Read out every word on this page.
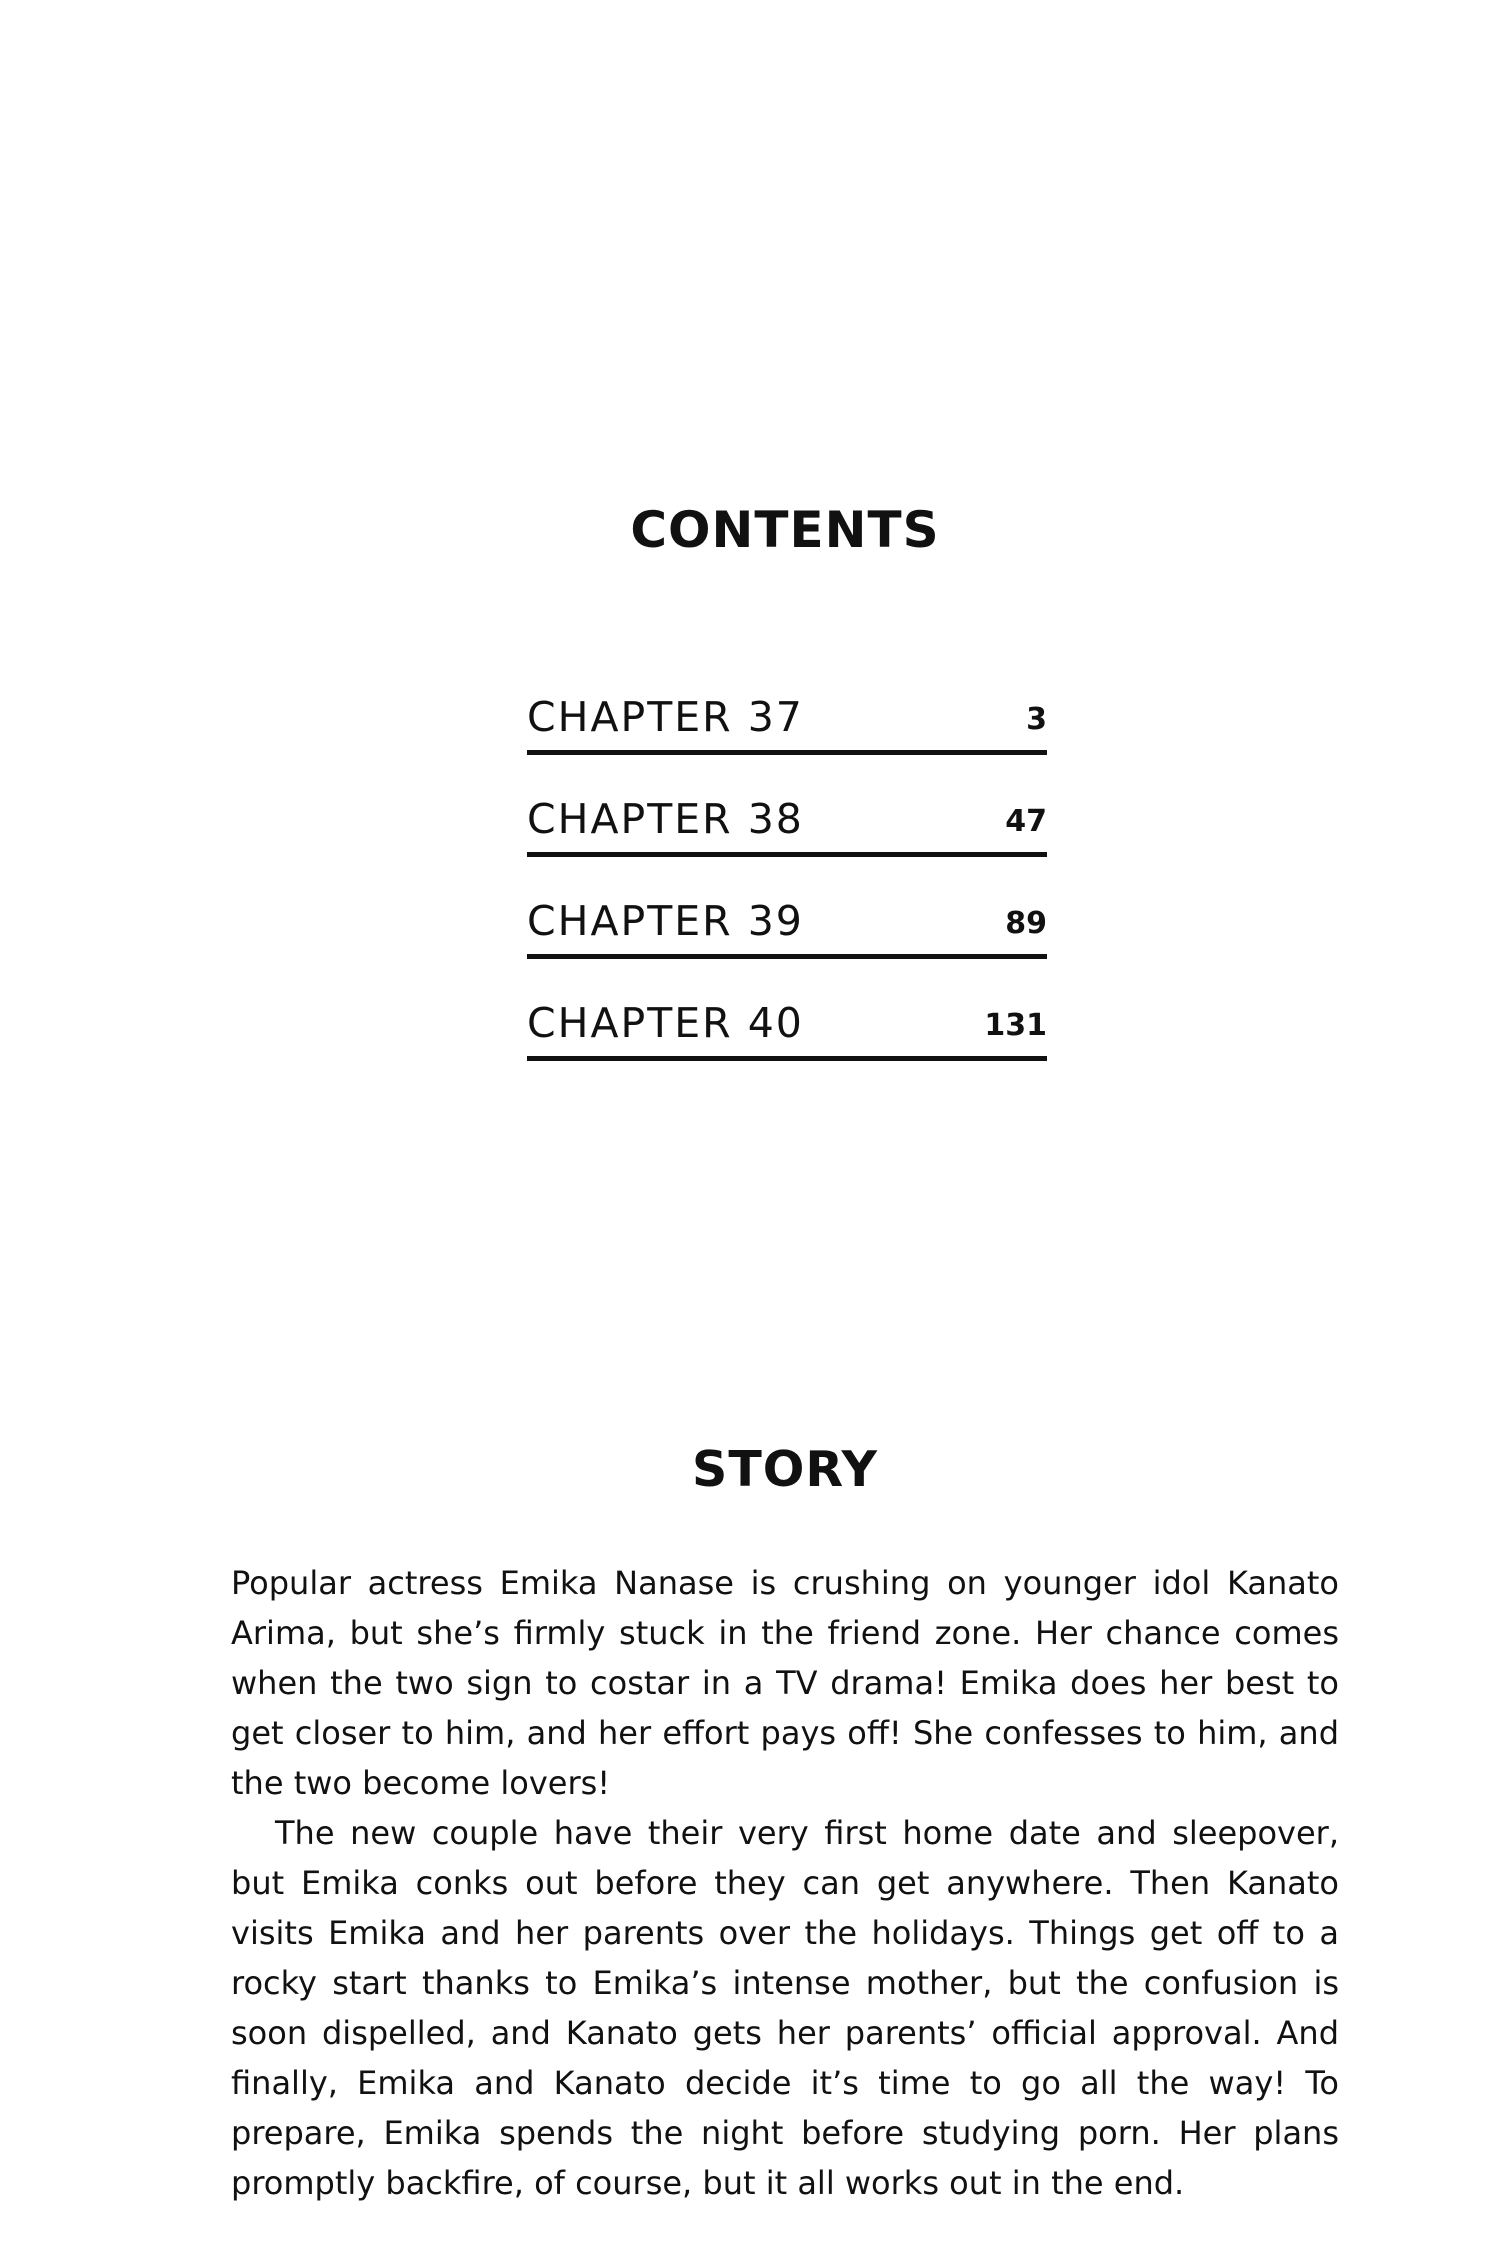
CONTENTS
CHAPTER 37	3
CHAPTER 38	47
CHAPTER 39	89
CHAPTER 40	131
STORY

Popular actress Emika Nanase is crushing on younger idol Kanato Arima, but she’s firmly stuck in the friend zone. Her chance comes when the two sign to costar in a TV drama! Emika does her best to get closer to him, and her effort pays off! She confesses to him, and the two become lovers!

The new couple have their very first home date and sleepover, but Emika conks out before they can get anywhere. Then Kanato visits Emika and her parents over the holidays. Things get off to a rocky start thanks to Emika’s intense mother, but the confusion is soon dispelled, and Kanato gets her parents’ official approval. And finally, Emika and Kanato decide it’s time to go all the way! To prepare, Emika spends the night before studying porn. Her plans promptly backfire, of course, but it all works out in the end.
